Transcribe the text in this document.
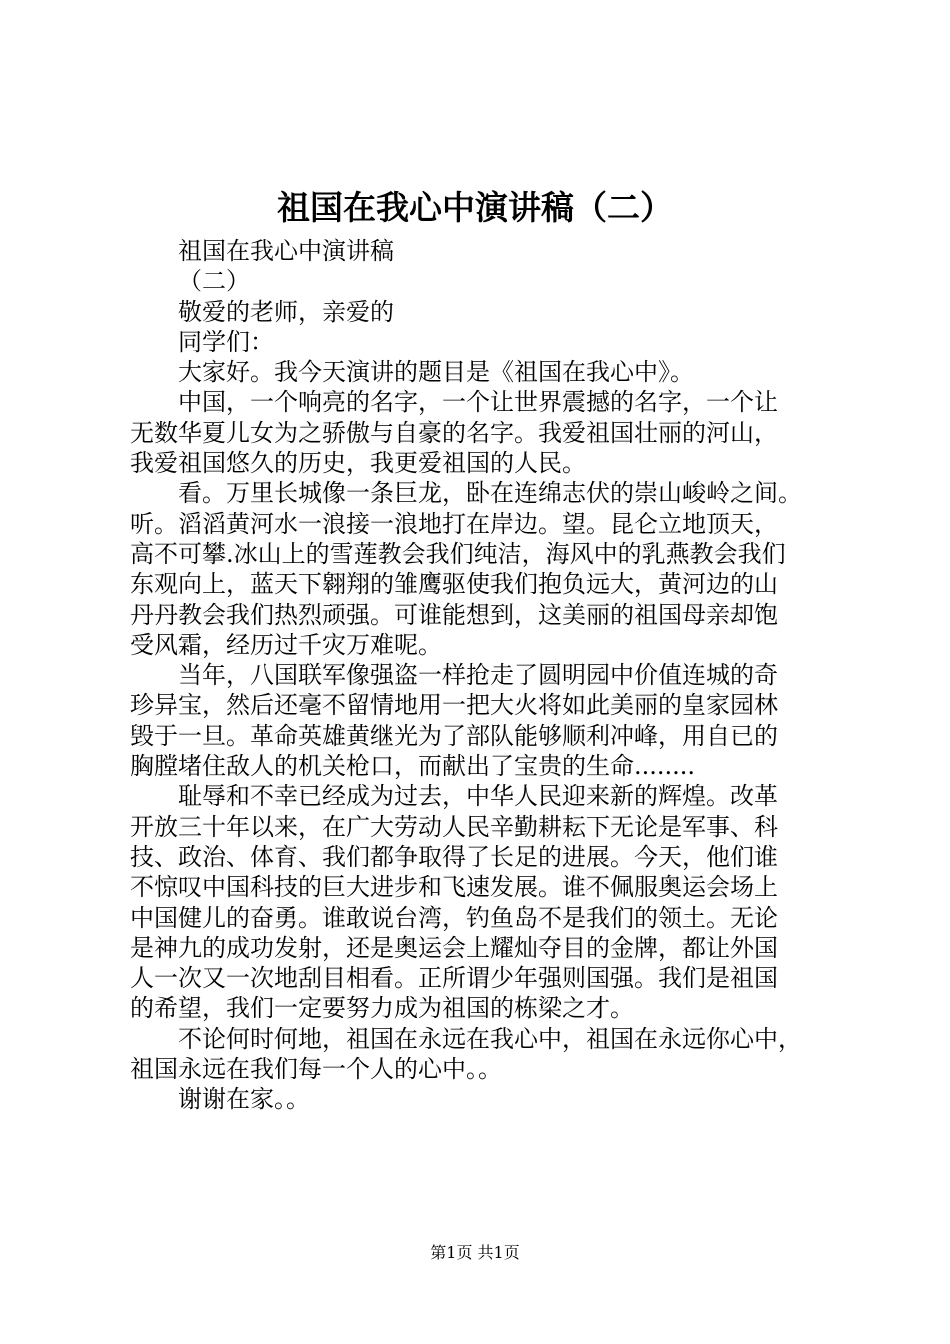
祖国在我心中演讲稿（二）
祖国在我心中演讲稿
（二）
敬爱的老师，亲爱的
同学们：
大家好。我今天演讲的题目是《祖国在我心中》。
中国，一个响亮的名字，一个让世界震撼的名字，一个让
无数华夏儿女为之骄傲与自豪的名字。我爱祖国壮丽的河山，
我爱祖国悠久的历史，我更爱祖国的人民。
看。万里长城像一条巨龙，卧在连绵志伏的崇山峻岭之间。
听。滔滔黄河水一浪接一浪地打在岸边。望。昆仑立地顶天，
高不可攀.冰山上的雪莲教会我们纯洁，海风中的乳燕教会我们
东观向上，蓝天下翱翔的雏鹰驱使我们抱负远大，黄河边的山
丹丹教会我们热烈顽强。可谁能想到，这美丽的祖国母亲却饱
受风霜，经历过千灾万难呢。
当年，八国联军像强盗一样抢走了圆明园中价值连城的奇
珍异宝，然后还毫不留情地用一把大火将如此美丽的皇家园林
毁于一旦。革命英雄黄继光为了部队能够顺利冲峰，用自已的
胸膛堵住敌人的机关枪口，而献出了宝贵的生命........
耻辱和不幸已经成为过去，中华人民迎来新的辉煌。改革
开放三十年以来，在广大劳动人民辛勤耕耘下无论是军事、科
技、政治、体育、我们都争取得了长足的进展。今天，他们谁
不惊叹中国科技的巨大进步和飞速发展。谁不佩服奥运会场上
中国健儿的奋勇。谁敢说台湾，钓鱼岛不是我们的领土。无论
是神九的成功发射，还是奥运会上耀灿夺目的金牌，都让外国
人一次又一次地刮目相看。正所谓少年强则国强。我们是祖国
的希望，我们一定要努力成为祖国的栋梁之才。
不论何时何地，祖国在永远在我心中，祖国在永远你心中，
祖国永远在我们每一个人的心中。。
谢谢在家。。
第1页 共1页
